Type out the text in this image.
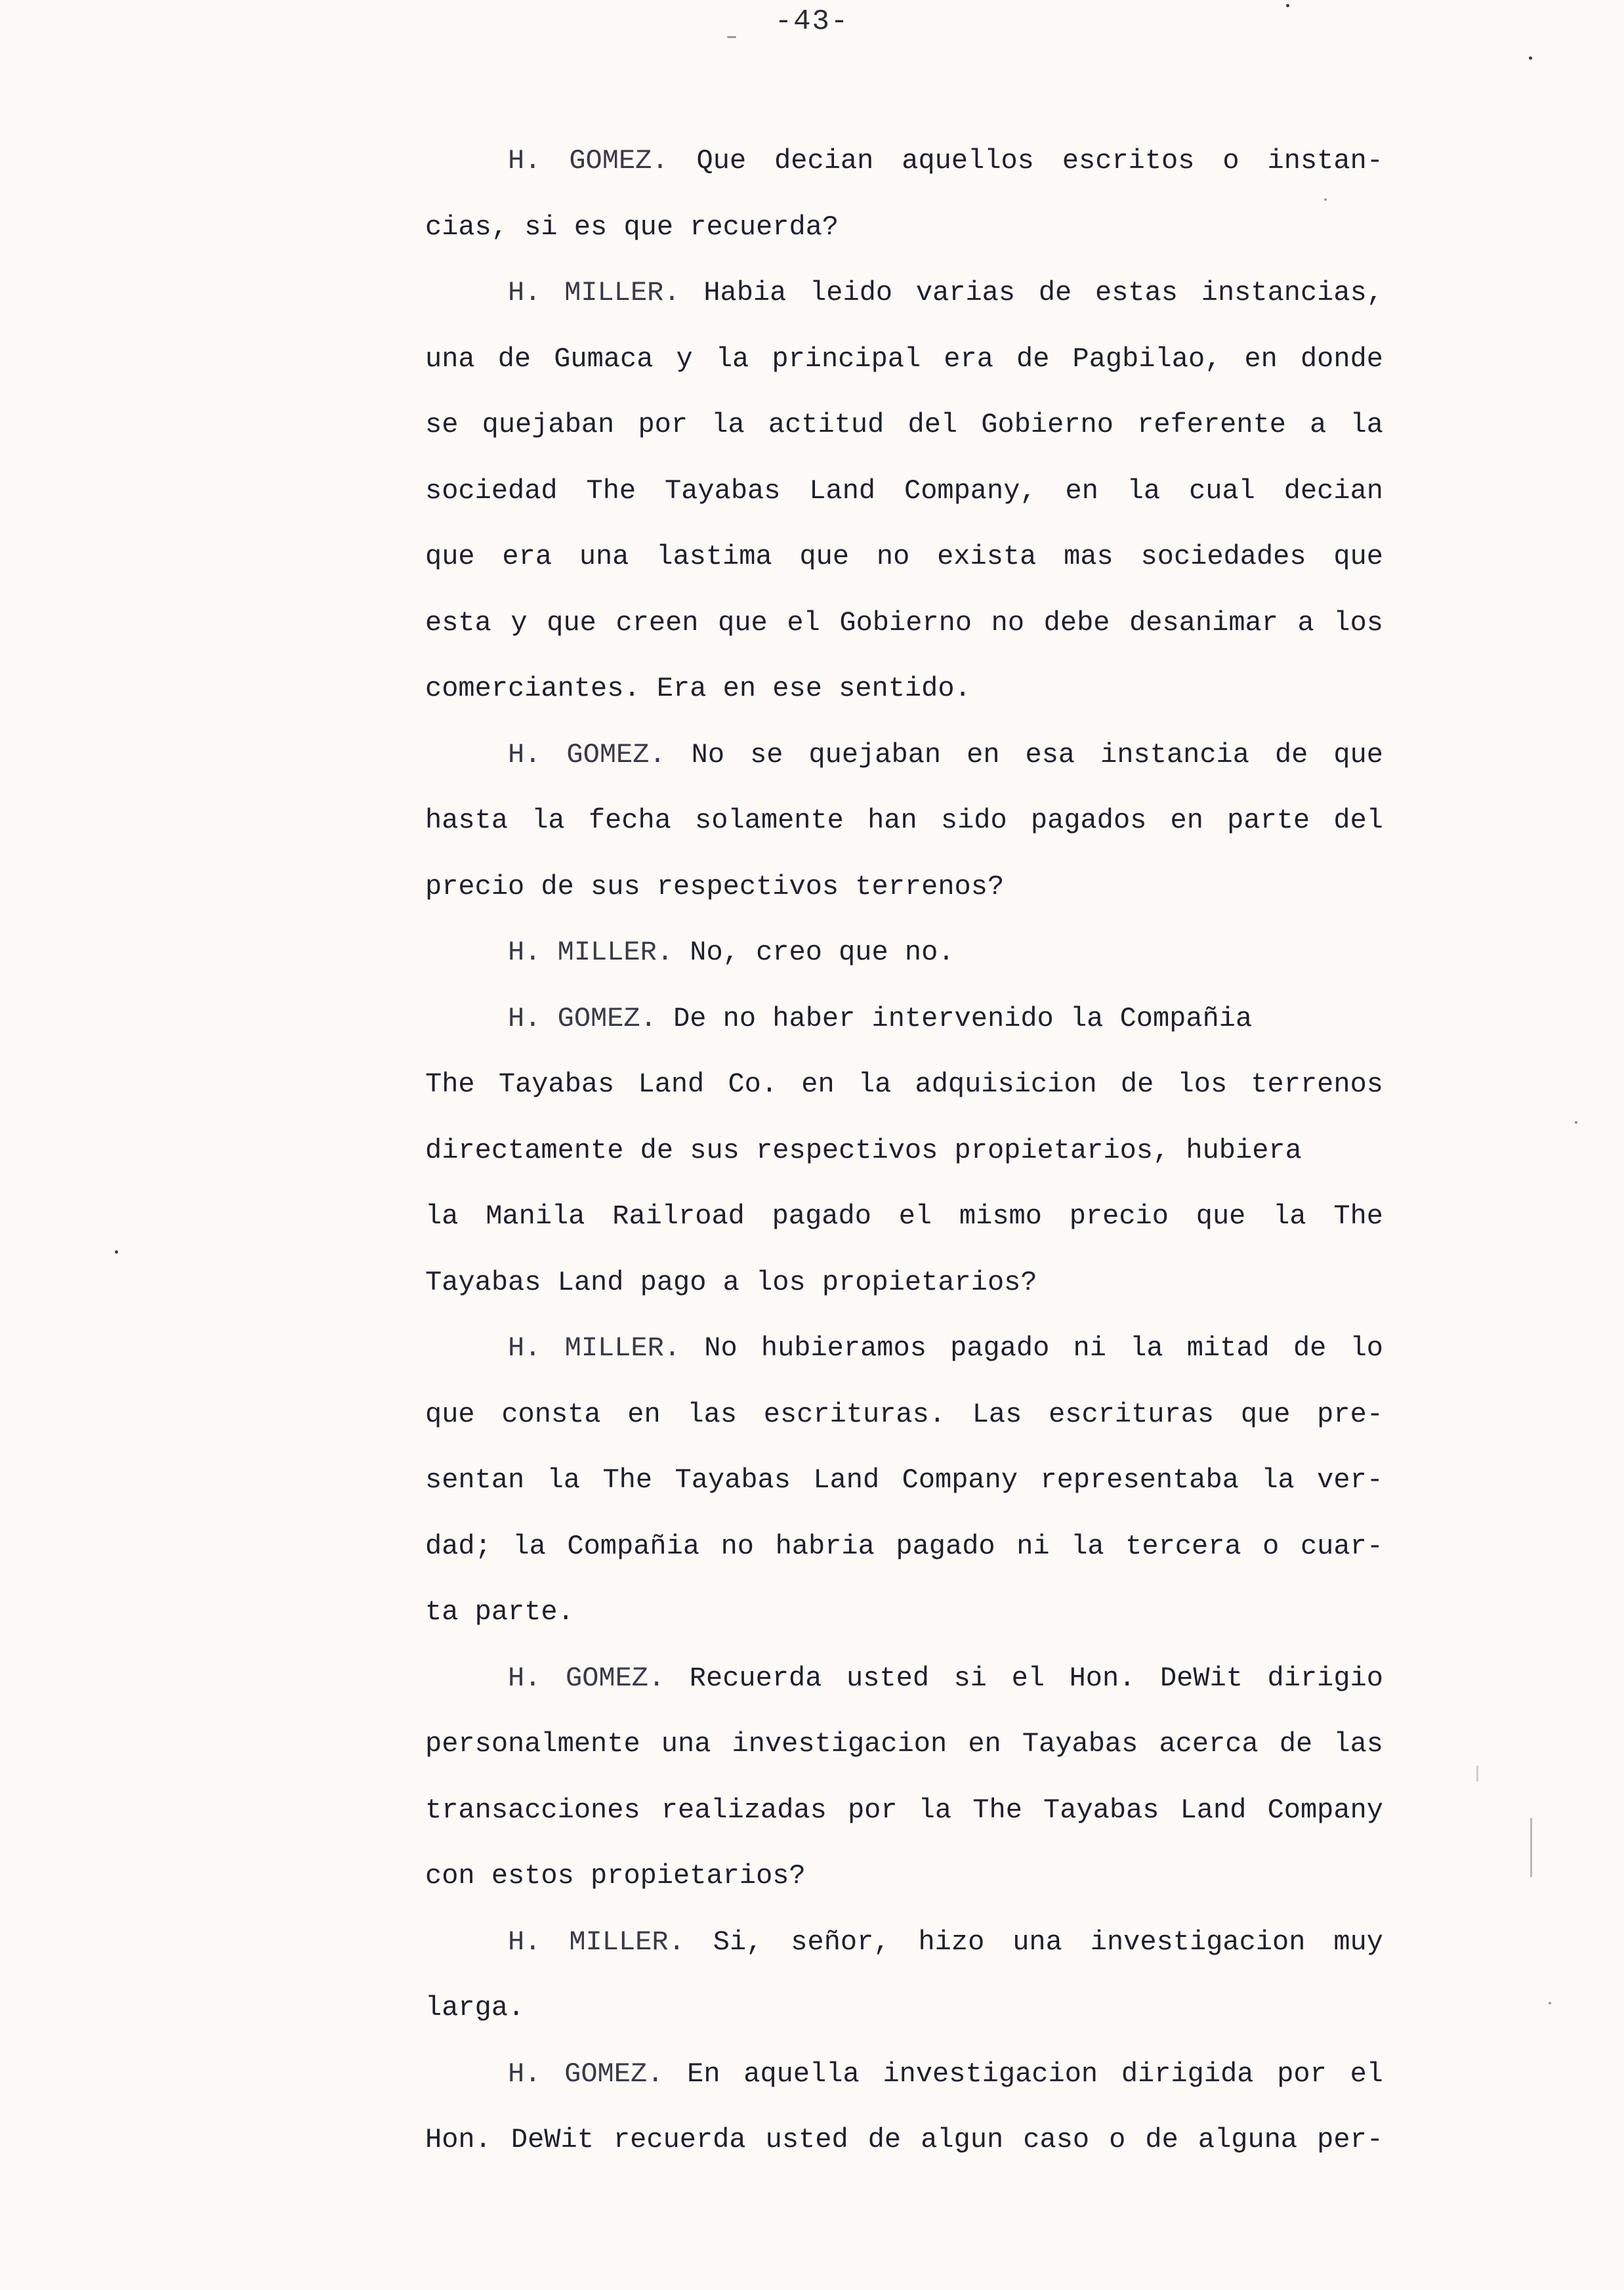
-43-
H. GOMEZ. Que decian aquellos escritos o instan-
cias, si es que recuerda?
H. MILLER. Habia leido varias de estas instancias,
una de Gumaca y la principal era de Pagbilao, en donde
se quejaban por la actitud del Gobierno referente a la
sociedad The Tayabas Land Company, en la cual decian
que era una lastima que no exista mas sociedades que
esta y que creen que el Gobierno no debe desanimar a los
comerciantes. Era en ese sentido.
H. GOMEZ. No se quejaban en esa instancia de que
hasta la fecha solamente han sido pagados en parte del
precio de sus respectivos terrenos?
H. MILLER. No, creo que no.
H. GOMEZ. De no haber intervenido la Compañia
The Tayabas Land Co. en la adquisicion de los terrenos
directamente de sus respectivos propietarios, hubiera
la Manila Railroad pagado el mismo precio que la The
Tayabas Land pago a los propietarios?
H. MILLER. No hubieramos pagado ni la mitad de lo
que consta en las escrituras. Las escrituras que pre-
sentan la The Tayabas Land Company representaba la ver-
dad; la Compañia no habria pagado ni la tercera o cuar-
ta parte.
H. GOMEZ. Recuerda usted si el Hon. DeWit dirigio
personalmente una investigacion en Tayabas acerca de las
transacciones realizadas por la The Tayabas Land Company
con estos propietarios?
H. MILLER. Si, señor, hizo una investigacion muy
larga.
H. GOMEZ. En aquella investigacion dirigida por el
Hon. DeWit recuerda usted de algun caso o de alguna per-
